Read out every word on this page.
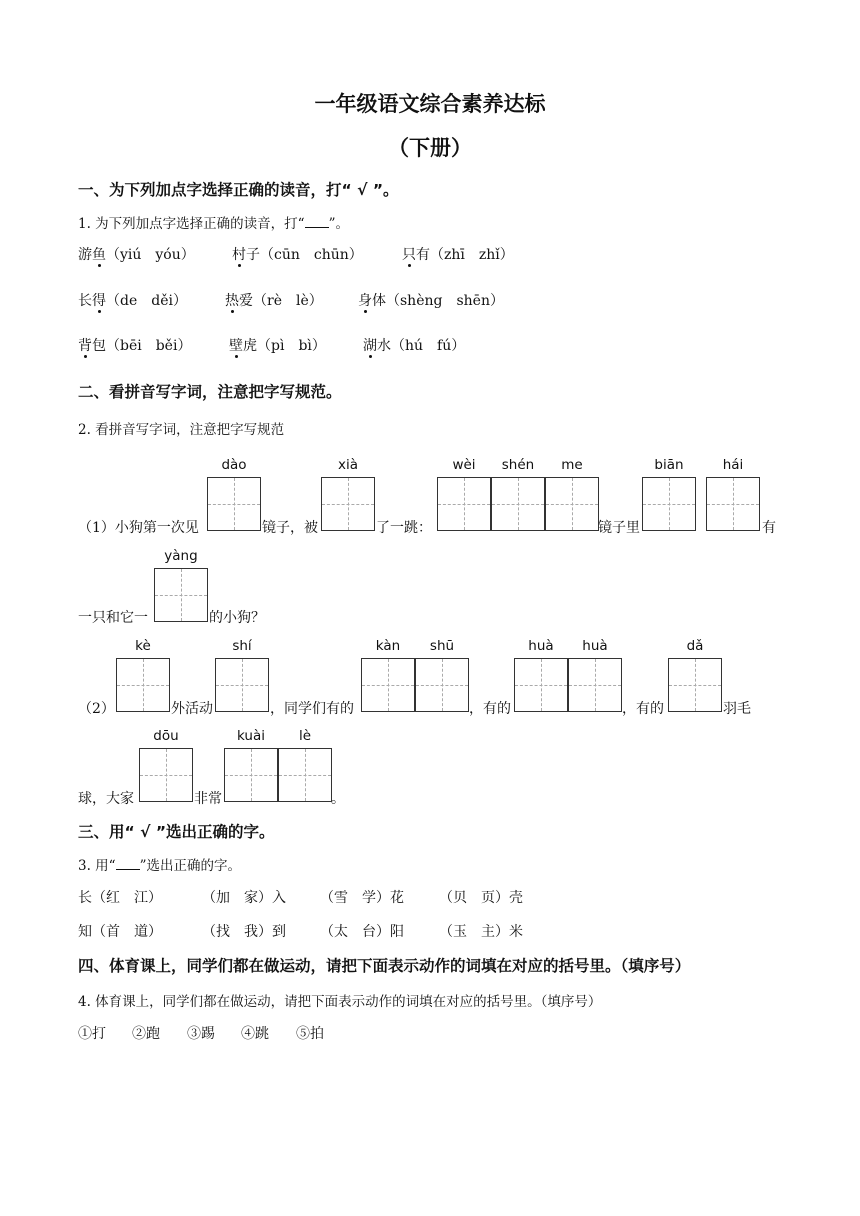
一年级语文综合素养达标
（下册）
一、为下列加点字选择正确的读音，打“ √ ”。
1. 为下列加点字选择正确的读音，打“ ”。
游鱼（yiú　yóu）	村子（cūn　chūn）	只有（zhī　zhǐ）
长得（de　děi）	热爱（rè　lè）	身体（shèng　shēn）
背包（bēi　běi）	壁虎（pì　bì）	湖水（hú　fú）
二、看拼音写字词，注意把字写规范。
2. 看拼音写字词，注意把字写规范
（1）小狗第一次见	镜子，被	了一跳：	镜子里	有
一只和它一	的小狗？
dào	xià	wèi	shén	me	biān	hái
yàng
（2）	外活动	，同学们有的	，有的	，有的	羽毛
球，大家	非常	。
kè	shí	kàn	shū	huà	huà	dǎ
dōu	kuài	lè
三、用“ √ ”选出正确的字。
3. 用“ ”选出正确的字。
长（红　江）	（加　家）入 （雪　学）花	（贝　页）壳
知（首　道）	（找　我）到 （太　台）阳	（玉　主）米
四、体育课上，同学们都在做运动，请把下面表示动作的词填在对应的括号里。（填序号）
4. 体育课上，同学们都在做运动，请把下面表示动作的词填在对应的括号里。（填序号）
①打 ②跑 ③踢 ④跳 ⑤拍
